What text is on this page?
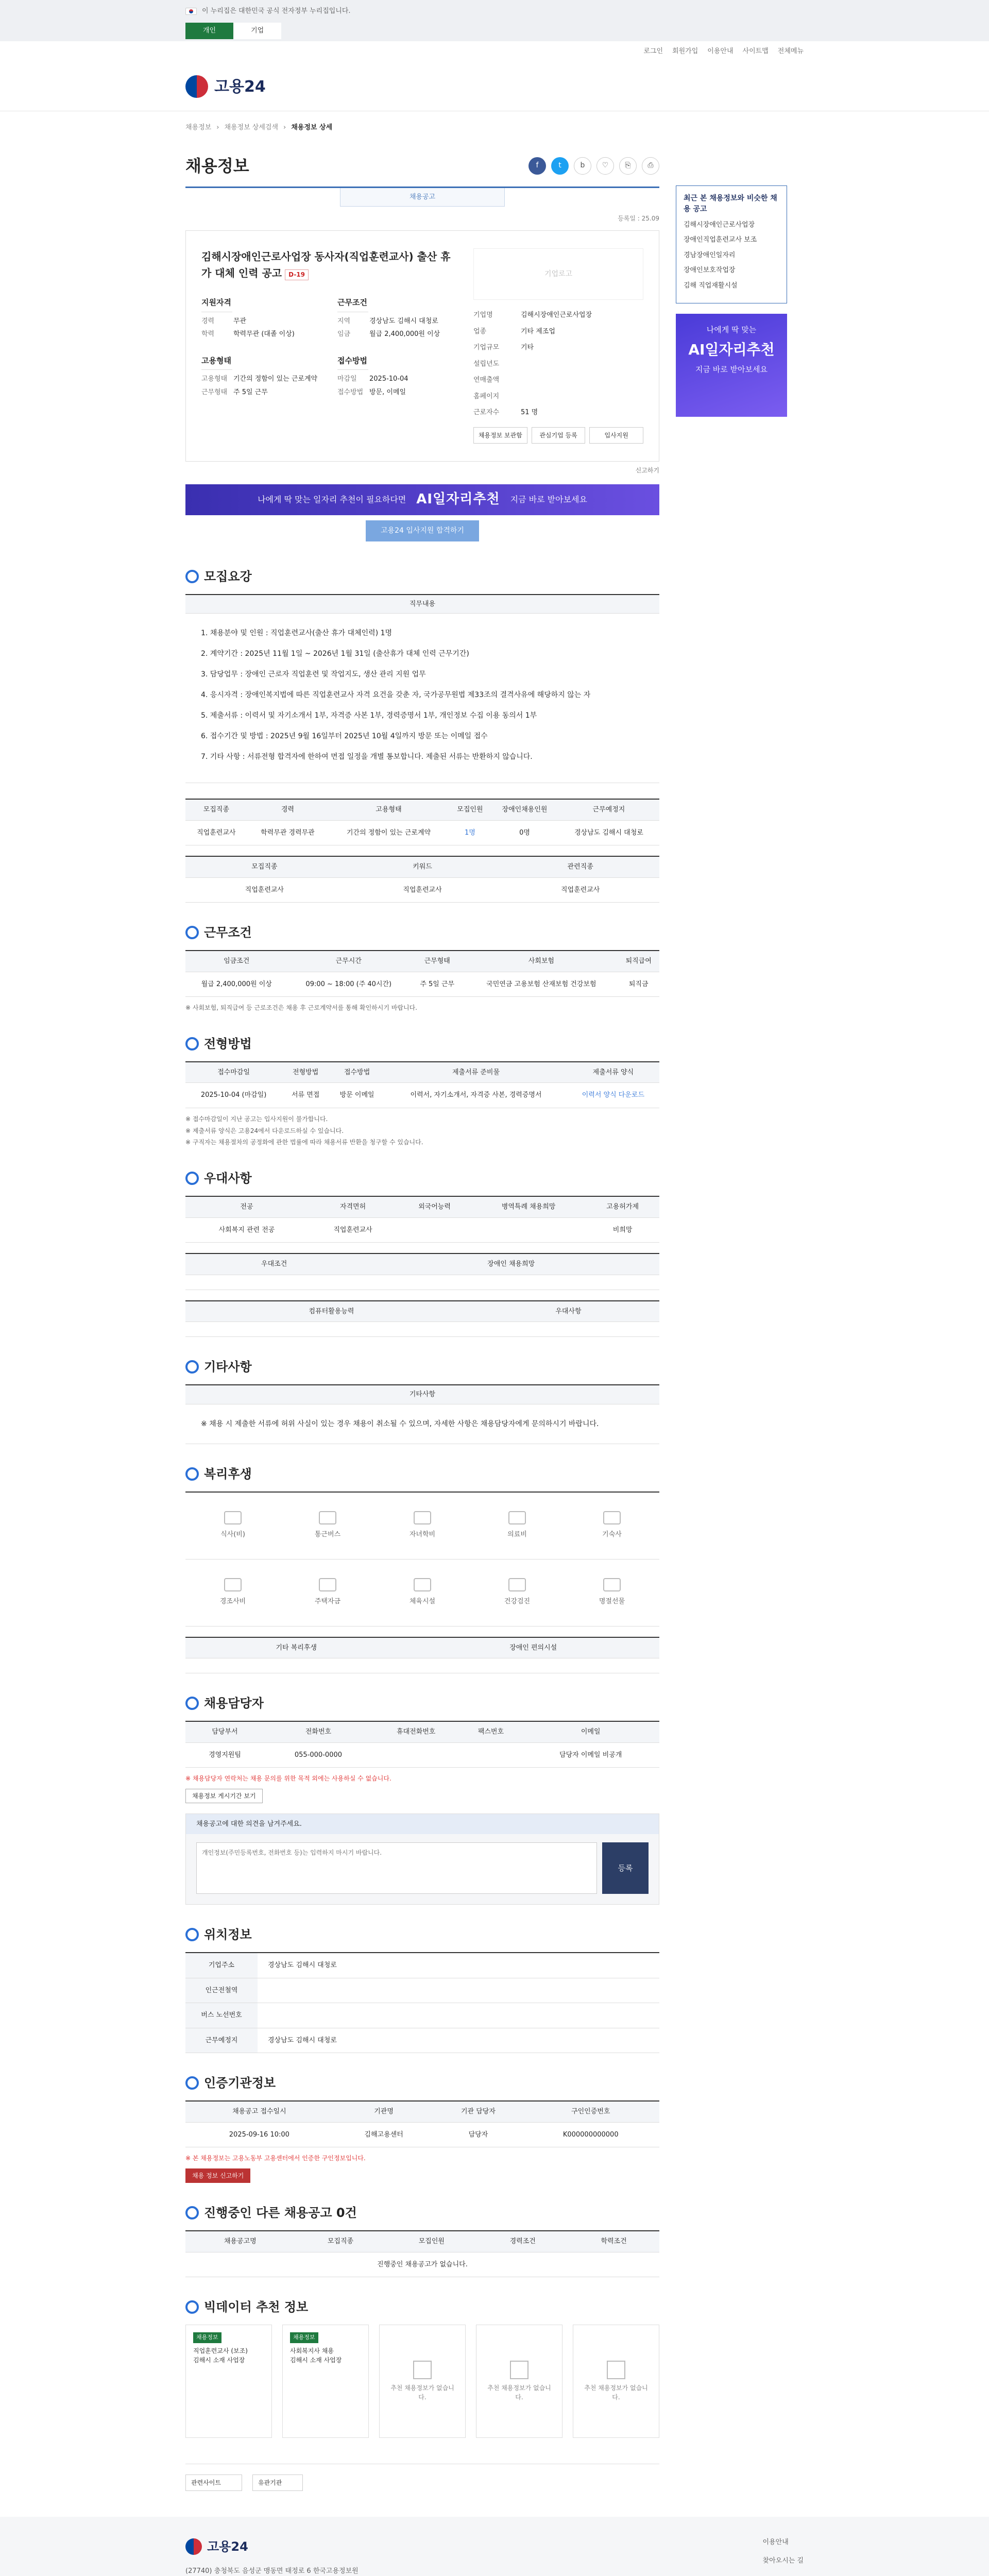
이 누리집은 대한민국 공식 전자정부 누리집입니다.
개인	기업
로그인 회원가입 이용안내 사이트맵 전체메뉴
고용24
채용정보 › 채용정보 상세검색 › 채용정보 상세
채용정보	f	t	b	♡	⎘	⎙
채용공고
등록일 : 25.09
김해시장애인근로사업장 동사자(직업훈련교사) 출산 휴가 대체 인력 공고 D-19
지원자격
경력	무관
학력	학력무관 (대졸 이상)
근무조건
지역	경상남도 김해시 대청로
임금	월급 2,400,000원 이상
고용형태
고용형태 기간의 정함이 있는 근로계약
근무형태 주 5일 근무
접수방법
마감일	2025-10-04
접수방법 방문, 이메일
기업로고
기업명	김해시장애인근로사업장
업종	기타 제조업
기업규모	기타
설립년도
연매출액
홈페이지
근로자수	51 명
채용정보 보관함	관심기업 등록	입사지원
신고하기
나에게 딱 맞는 일자리 추천이 필요하다면 AI일자리추천 지금 바로 받아보세요
고용24 입사지원 합격하기
모집요강
직무내용

1. 채용분야 및 인원 : 직업훈련교사(출산 휴가 대체인력) 1명

2. 계약기간 : 2025년 11월 1일 ~ 2026년 1월 31일 (출산휴가 대체 인력 근무기간)

3. 담당업무 : 장애인 근로자 직업훈련 및 작업지도, 생산 관리 지원 업무

4. 응시자격 : 장애인복지법에 따른 직업훈련교사 자격 요건을 갖춘 자, 국가공무원법 제33조의 결격사유에 해당하지 않는 자

5. 제출서류 : 이력서 및 자기소개서 1부, 자격증 사본 1부, 경력증명서 1부, 개인정보 수집 이용 동의서 1부

6. 접수기간 및 방법 : 2025년 9월 16일부터 2025년 10월 4일까지 방문 또는 이메일 접수

7. 기타 사항 : 서류전형 합격자에 한하여 면접 일정을 개별 통보합니다. 제출된 서류는 반환하지 않습니다.

모집직종	경력	고용형태	모집인원	장애인채용인원	근무예정지
직업훈련교사	학력무관 경력무관	기간의 정함이 있는 근로계약	1명	0명	경상남도 김해시 대청로
모집직종	키워드	관련직종
직업훈련교사	직업훈련교사	직업훈련교사
근무조건
임금조건	근무시간	근무형태	사회보험	퇴직급여
월급 2,400,000원 이상	09:00 ~ 18:00 (주 40시간)	주 5일 근무	국민연금 고용보험 산재보험 건강보험	퇴직금

※ 사회보험, 퇴직급여 등 근로조건은 채용 후 근로계약서를 통해 확인하시기 바랍니다.

전형방법
접수마감일	전형방법	접수방법	제출서류 준비물	제출서류 양식
2025-10-04 (마감일)	서류 면접	방문 이메일	이력서, 자기소개서, 자격증 사본, 경력증명서	이력서 양식 다운로드

※ 접수마감일이 지난 공고는 입사지원이 불가합니다.

※ 제출서류 양식은 고용24에서 다운로드하실 수 있습니다.

※ 구직자는 채용절차의 공정화에 관한 법률에 따라 채용서류 반환을 청구할 수 있습니다.

우대사항
전공	자격면허	외국어능력	병역특례 채용희망	고용허가제
사회복지 관련 전공	직업훈련교사			비희망
우대조건	장애인 채용희망

컴퓨터활용능력	우대사항

기타사항
기타사항
※ 채용 시 제출한 서류에 허위 사실이 있는 경우 채용이 취소될 수 있으며, 자세한 사항은 채용담당자에게 문의하시기 바랍니다.
복리후생
식사(비)	통근버스	자녀학비	의료비	기숙사
경조사비	주택자금	체육시설	건강검진	명절선물
기타 복리후생	장애인 편의시설

채용담당자
담당부서	전화번호	휴대전화번호	팩스번호	이메일
경영지원팀	055-000-0000			담당자 이메일 비공개

※ 채용담당자 연락처는 채용 문의를 위한 목적 외에는 사용하실 수 없습니다.

채용정보 게시기간 보기
채용공고에 대한 의견을 남겨주세요.
개인정보(주민등록번호, 전화번호 등)는 입력하지 마시기 바랍니다.
등록
위치정보
기업주소	경상남도 김해시 대청로
인근전철역	
버스 노선번호	
근무예정지	경상남도 김해시 대청로
인증기관정보
채용공고 접수일시	기관명	기관 담당자	구인인증번호
2025-09-16 10:00	김해고용센터	담당자	K000000000000

※ 본 채용정보는 고용노동부 고용센터에서 인증한 구인정보입니다.

채용 정보 신고하기
진행중인 다른 채용공고 0건
채용공고명	모집직종	모집인원	경력조건	학력조건
진행중인 채용공고가 없습니다.
빅데이터 추천 정보
채용정보

직업훈련교사 (보조)

김해시 소재 사업장

채용정보

사회복지사 채용

김해시 소재 사업장

추천 채용정보가 없습니다.
추천 채용정보가 없습니다.
추천 채용정보가 없습니다.
관련사이트	유관기관
최근 본 채용정보와 비슷한 채용 공고

김해시장애인근로사업장

장애인직업훈련교사 보조

경남장애인일자리

장애인보호작업장

김해 직업재활시설

나에게 딱 맞는
AI일자리추천
지금 바로 받아보세요
고용24

(27740) 충청북도 음성군 맹동면 태정로 6 한국고용정보원

이용안내
찾아오시는 길
